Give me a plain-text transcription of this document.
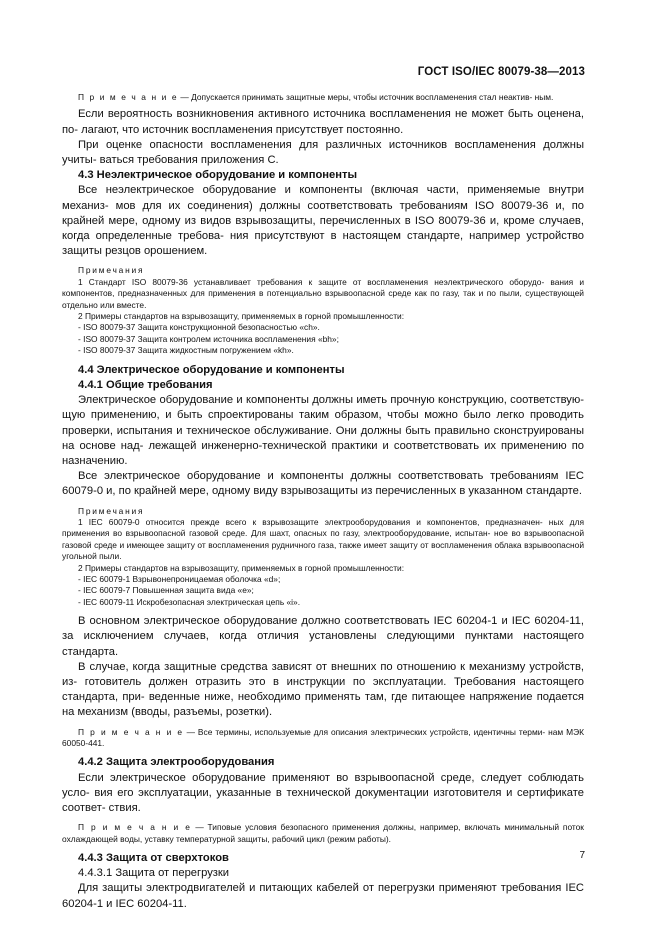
ГОСТ ISO/IEC 80079-38—2013

П р и м е ч а н и е — Допускается принимать защитные меры, чтобы источник воспламенения стал неактив- ным.

Если вероятность возникновения активного источника воспламенения не может быть оценена, по- лагают, что источник воспламенения присутствует постоянно.

При оценке опасности воспламенения для различных источников воспламенения должны учиты- ваться требования приложения С.

4.3 Неэлектрическое оборудование и компоненты

Все неэлектрическое оборудование и компоненты (включая части, применяемые внутри механиз- мов для их соединения) должны соответствовать требованиям ISO 80079-36 и, по крайней мере, одному из видов взрывозащиты, перечисленных в ISO 80079-36 и, кроме случаев, когда определенные требова- ния присутствуют в настоящем стандарте, например устройство защиты резцов орошением.

Примечания

1 Стандарт ISO 80079-36 устанавливает требования к защите от воспламенения неэлектрического оборудо- вания и компонентов, предназначенных для применения в потенциально взрывоопасной среде как по газу, так и по пыли, существующей отдельно или вместе.

2 Примеры стандартов на взрывозащиту, применяемых в горной промышленности:

- ISO 80079-37 Защита конструкционной безопасностью «ch».

- ISO 80079-37 Защита контролем источника воспламенения «bh»;

- ISO 80079-37 Защита жидкостным погружением «kh».

4.4 Электрическое оборудование и компоненты

4.4.1 Общие требования

Электрическое оборудование и компоненты должны иметь прочную конструкцию, соответствую- щую применению, и быть спроектированы таким образом, чтобы можно было легко проводить проверки, испытания и техническое обслуживание. Они должны быть правильно сконструированы на основе над- лежащей инженерно-технической практики и соответствовать их применению по назначению.

Все электрическое оборудование и компоненты должны соответствовать требованиям IEC 60079-0 и, по крайней мере, одному виду взрывозащиты из перечисленных в указанном стандарте.

Примечания

1 IEC 60079-0 относится прежде всего к взрывозащите электрооборудования и компонентов, предназначен- ных для применения во взрывоопасной газовой среде. Для шахт, опасных по газу, электрооборудование, испытан- ное во взрывоопасной газовой среде и имеющее защиту от воспламенения рудничного газа, также имеет защиту от воспламенения облака взрывоопасной угольной пыли.

2 Примеры стандартов на взрывозащиту, применяемых в горной промышленности:

- IEC 60079-1 Взрывонепроницаемая оболочка «d»;

- IEC 60079-7 Повышенная защита вида «е»;

- IEC 60079-11 Искробезопасная электрическая цепь «i».

В основном электрическое оборудование должно соответствовать IEC 60204-1 и IEC 60204-11, за исключением случаев, когда отличия установлены следующими пунктами настоящего стандарта.

В случае, когда защитные средства зависят от внешних по отношению к механизму устройств, из- готовитель должен отразить это в инструкции по эксплуатации. Требования настоящего стандарта, при- веденные ниже, необходимо применять там, где питающее напряжение подается на механизм (вводы, разъемы, розетки).

П р и м е ч а н и е — Все термины, используемые для описания электрических устройств, идентичны терми- нам МЭК 60050-441.

4.4.2 Защита электрооборудования

Если электрическое оборудование применяют во взрывоопасной среде, следует соблюдать усло- вия его эксплуатации, указанные в технической документации изготовителя и сертификате соответ- ствия.

П р и м е ч а н и е — Типовые условия безопасного применения должны, например, включать минимальный поток охлаждающей воды, уставку температурной защиты, рабочий цикл (режим работы).

4.4.3 Защита от сверхтоков

4.4.3.1 Защита от перегрузки

Для защиты электродвигателей и питающих кабелей от перегрузки применяют требования IEC 60204-1 и IEC 60204-11.

7
